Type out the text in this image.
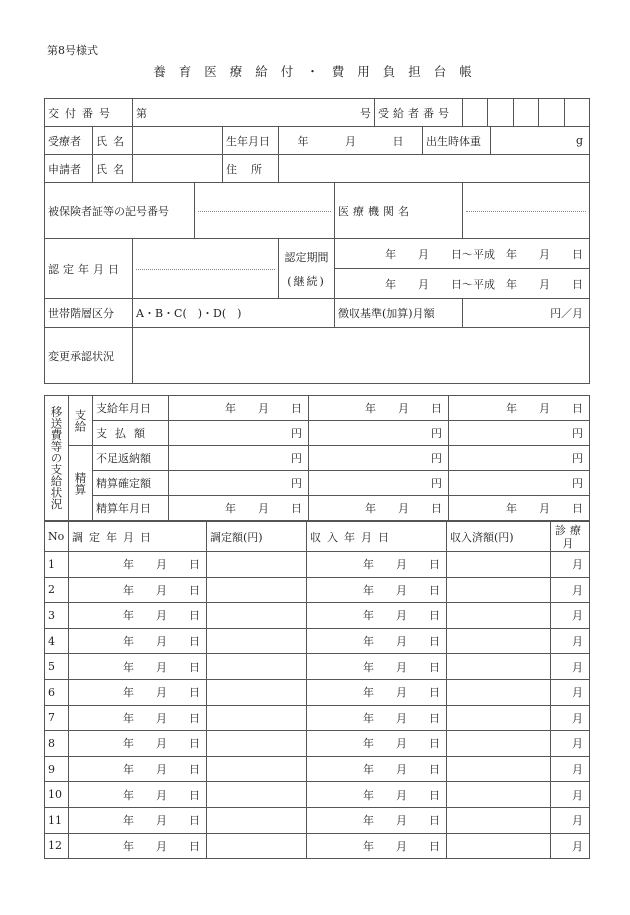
第8号様式
養育医療給付・費用負担台帳
交付番号		第 号					受給者番号			

受療者	氏名			生年月日	年　　　 月　　　 日			出生時体重		g
申請者	氏名			住所						
被保険者証等の記号番号						医療機関名				

認定年月日					認定期間
(継続)	年　　月　　日～平成　年　　月　　日				
						年　　月　　日～平成　年　　月　　日				
世帯階層区分		A・B・C(　)・D(　)				徴収基準(加算)月額			円／月	
変更承認状況										
移送費等の支給状況	支給	支給年月日	年　　月　　日	年　　月　　日	年　　月　　日
		支払額	円	円	円
	精算	不足返納額	円	円	円
		精算確定額	円	円	円
		精算年月日	年　　月　　日	年　　月　　日	年　　月　　日
No	調定年月日	調定額(円)	収入年月日	収入済額(円)	診療月
1	年　　月　　日		年　　月　　日		月
2	年　　月　　日		年　　月　　日		月
3	年　　月　　日		年　　月　　日		月
4	年　　月　　日		年　　月　　日		月
5	年　　月　　日		年　　月　　日		月
6	年　　月　　日		年　　月　　日		月
7	年　　月　　日		年　　月　　日		月
8	年　　月　　日		年　　月　　日		月
9	年　　月　　日		年　　月　　日		月
10	年　　月　　日		年　　月　　日		月
11	年　　月　　日		年　　月　　日		月
12	年　　月　　日		年　　月　　日		月
